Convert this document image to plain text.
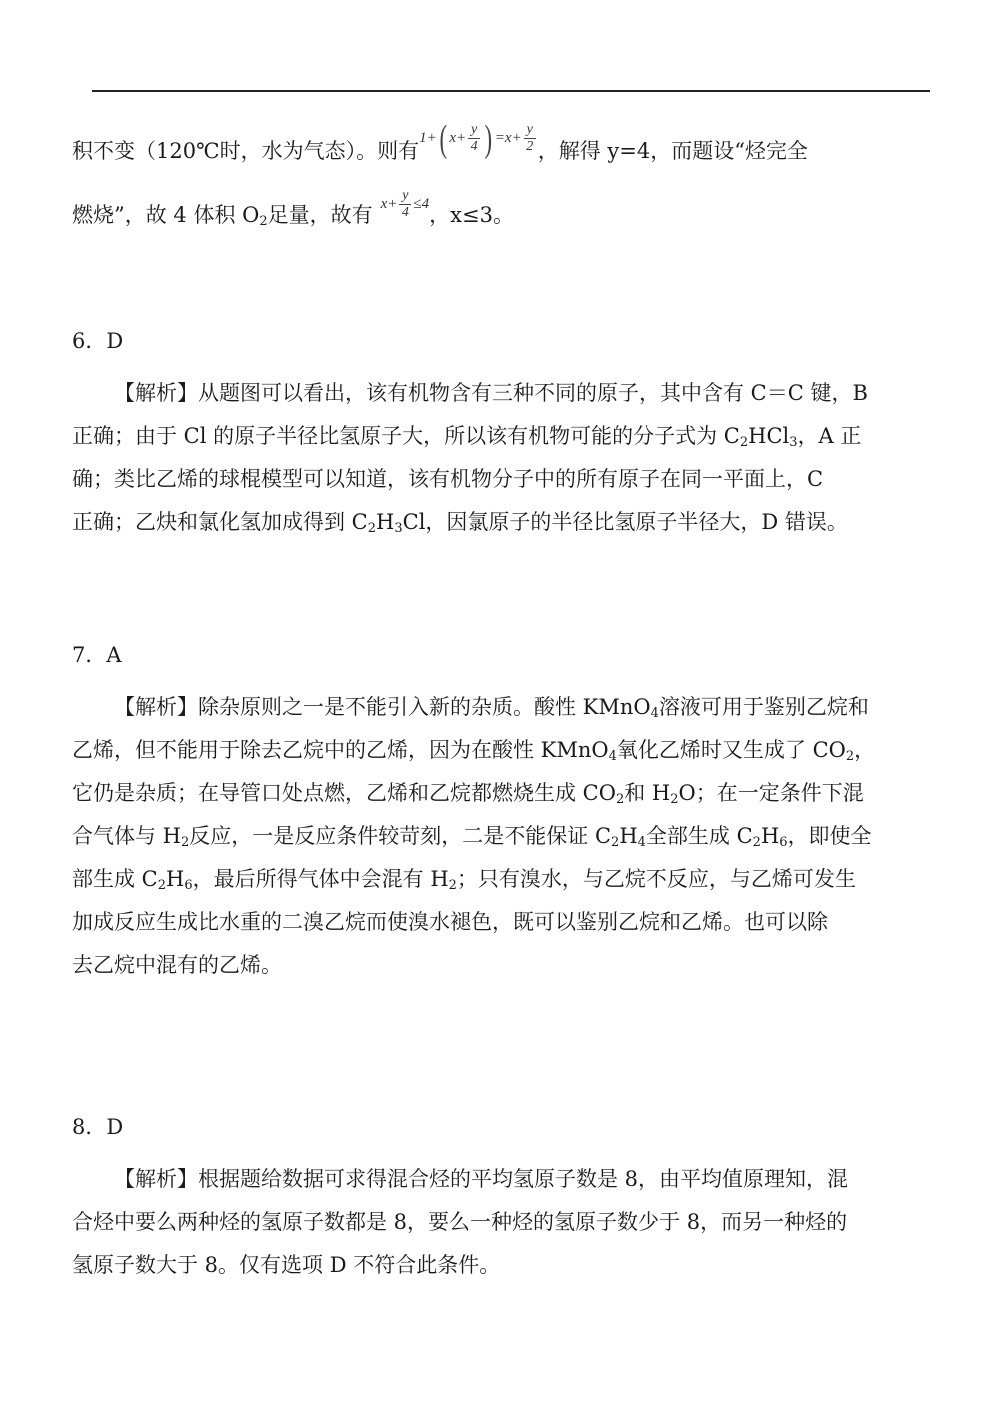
积不变（120℃时，水为气态）。则有1+( $x+ \frac{y}{4}$ ) $=x+ \frac{y}{2}$ ，解得 y=4，而题设“烃完全
燃烧”，故 4 体积 $O_2$足量，故有 $x+ \frac{y}{4} \le 4$，x≤3。
6．D
【解析】从题图可以看出，该有机物含有三种不同的原子，其中含有 C＝C 键，B
正确；由于 Cl 的原子半径比氢原子大，所以该有机物可能的分子式为 $C_2HCl_3$，A 正
确；类比乙烯的球棍模型可以知道，该有机物分子中的所有原子在同一平面上，C
正确；乙炔和氯化氢加成得到 $C_2H_3Cl$，因氯原子的半径比氢原子半径大，D 错误。
7．A
【解析】除杂原则之一是不能引入新的杂质。酸性 KMnO$_4$溶液可用于鉴别乙烷和
乙烯，但不能用于除去乙烷中的乙烯，因为在酸性 KMnO$_4$氧化乙烯时又生成了 $CO_2$，
它仍是杂质；在导管口处点燃，乙烯和乙烷都燃烧生成 $CO_2$和 $H_2O$；在一定条件下混
合气体与 $H_2$反应，一是反应条件较苛刻，二是不能保证 $C_2H_4$全部生成 $C_2H_6$，即使全
部生成 $C_2H_6$，最后所得气体中会混有 $H_2$；只有溴水，与乙烷不反应，与乙烯可发生
加成反应生成比水重的二溴乙烷而使溴水褪色，既可以鉴别乙烷和乙烯。也可以除
去乙烷中混有的乙烯。
8．D
【解析】根据题给数据可求得混合烃的平均氢原子数是 8，由平均值原理知，混
合烃中要么两种烃的氢原子数都是 8，要么一种烃的氢原子数少于 8，而另一种烃的
氢原子数大于 8。仅有选项 D 不符合此条件。
